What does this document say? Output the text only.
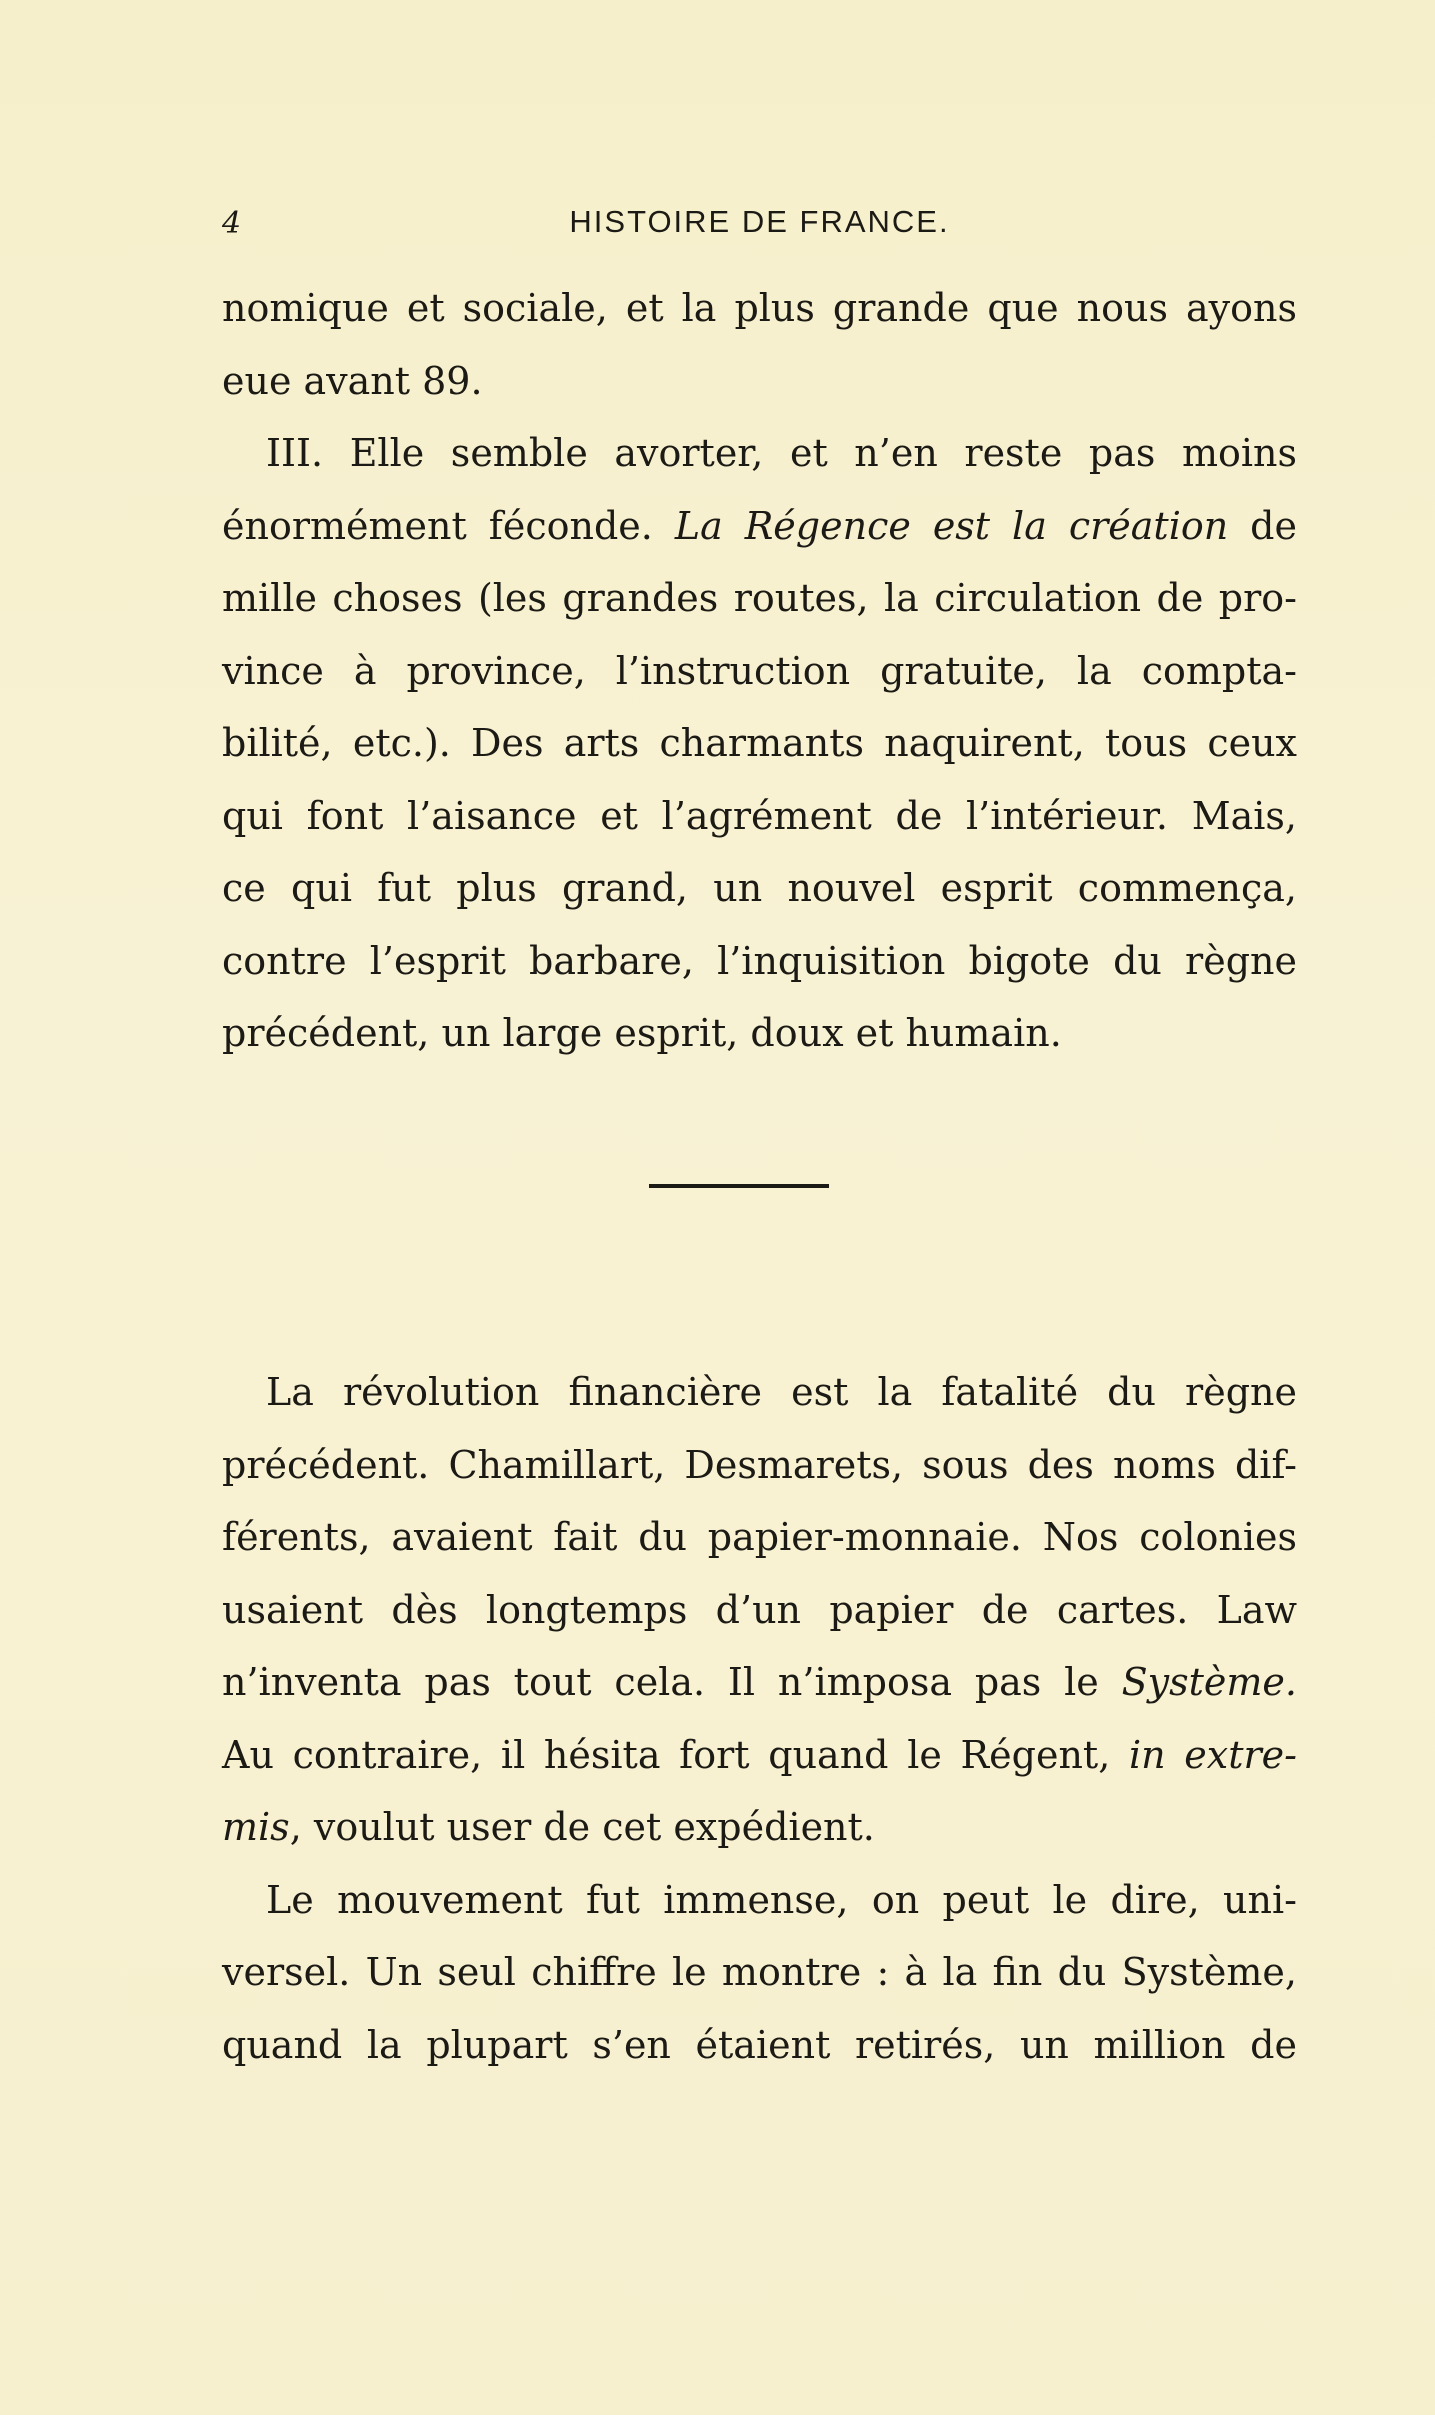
4	HISTOIRE DE FRANCE.

nomique et sociale, et la plus grande que nous ayons
eue avant 89.

III. Elle semble avorter, et n’en reste pas moins
énormément féconde. La Régence est la création de
mille choses (les grandes routes, la circulation de pro-
vince à province, l’instruction gratuite, la compta-
bilité, etc.). Des arts charmants naquirent, tous ceux
qui font l’aisance et l’agrément de l’intérieur. Mais,
ce qui fut plus grand, un nouvel esprit commença,
contre l’esprit barbare, l’inquisition bigote du règne
précédent, un large esprit, doux et humain.

La révolution financière est la fatalité du règne
précédent. Chamillart, Desmarets, sous des noms dif-
férents, avaient fait du papier-monnaie. Nos colonies
usaient dès longtemps d’un papier de cartes. Law
n’inventa pas tout cela. Il n’imposa pas le Système.
Au contraire, il hésita fort quand le Régent, in extre-
mis, voulut user de cet expédient.

Le mouvement fut immense, on peut le dire, uni-
versel. Un seul chiffre le montre : à la fin du Système,
quand la plupart s’en étaient retirés, un million de
